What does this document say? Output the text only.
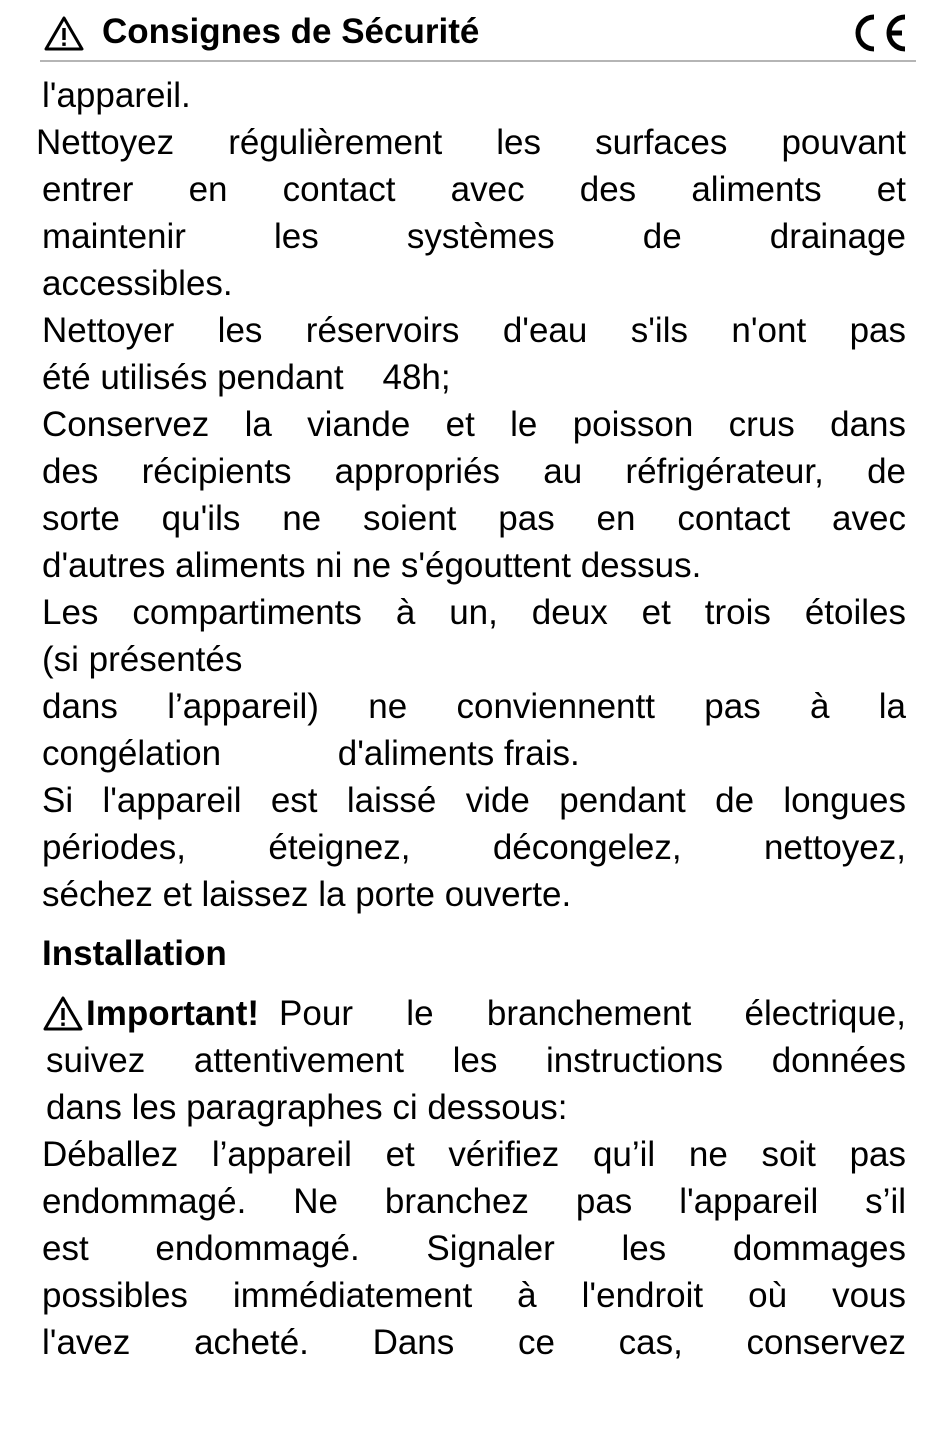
Consignes de Sécurité
l'appareil.
Nettoyez régulièrement les surfaces pouvant
entrer en contact avec des aliments et
maintenir les systèmes de drainage
accessibles.
Nettoyer les réservoirs d'eau s'ils n'ont pas
été utilisés pendant    48h;
Conservez la viande et le poisson crus dans
des récipients appropriés au réfrigérateur, de
sorte qu'ils ne soient pas en contact avec
d'autres aliments ni ne s'égouttent dessus.
Les compartiments à un, deux et trois étoiles
(si présentés
dans l’appareil) ne conviennentt pas à la
congélation            d'aliments frais.
Si l'appareil est laissé vide pendant de longues
périodes, éteignez, décongelez, nettoyez,
séchez et laissez la porte ouverte.
Installation
Important! Pour le branchement électrique,
suivez attentivement les instructions données
dans les paragraphes ci dessous:
Déballez l’appareil et vérifiez qu’il ne soit pas
endommagé. Ne branchez pas l'appareil s’il
est endommagé. Signaler les dommages
possibles immédiatement à l'endroit où vous
l'avez acheté. Dans ce cas, conservez
